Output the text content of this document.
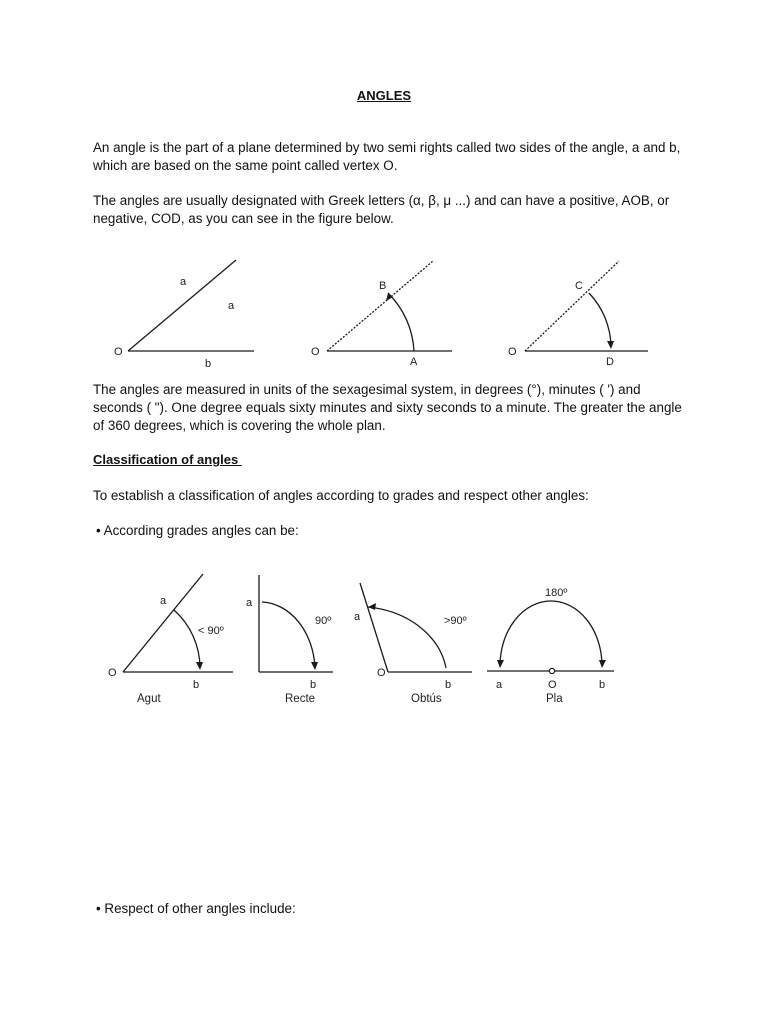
ANGLES

An angle is the part of a plane determined by two semi rights called two sides of the angle, a and b, which are based on the same point called vertex O.

The angles are usually designated with Greek letters (α, β, μ ...) and can have a positive, AOB, or negative, COD, as you can see in the figure below.

O
a
a
b
O
B
A
O
C
D

The angles are measured in units of the sexagesimal system, in degrees (°), minutes ( ') and seconds ( "). One degree equals sixty minutes and sixty seconds to a minute. The greater the angle of 360 degrees, which is covering the whole plan.

Classification of angles

To establish a classification of angles according to grades and respect other angles:

• According grades angles can be:

O
a
b
< 90º
Agut
a
b
90º
Recte
O
a
b
>90º
Obtús
180º
a	O	b
Pla

• Respect of other angles include:
